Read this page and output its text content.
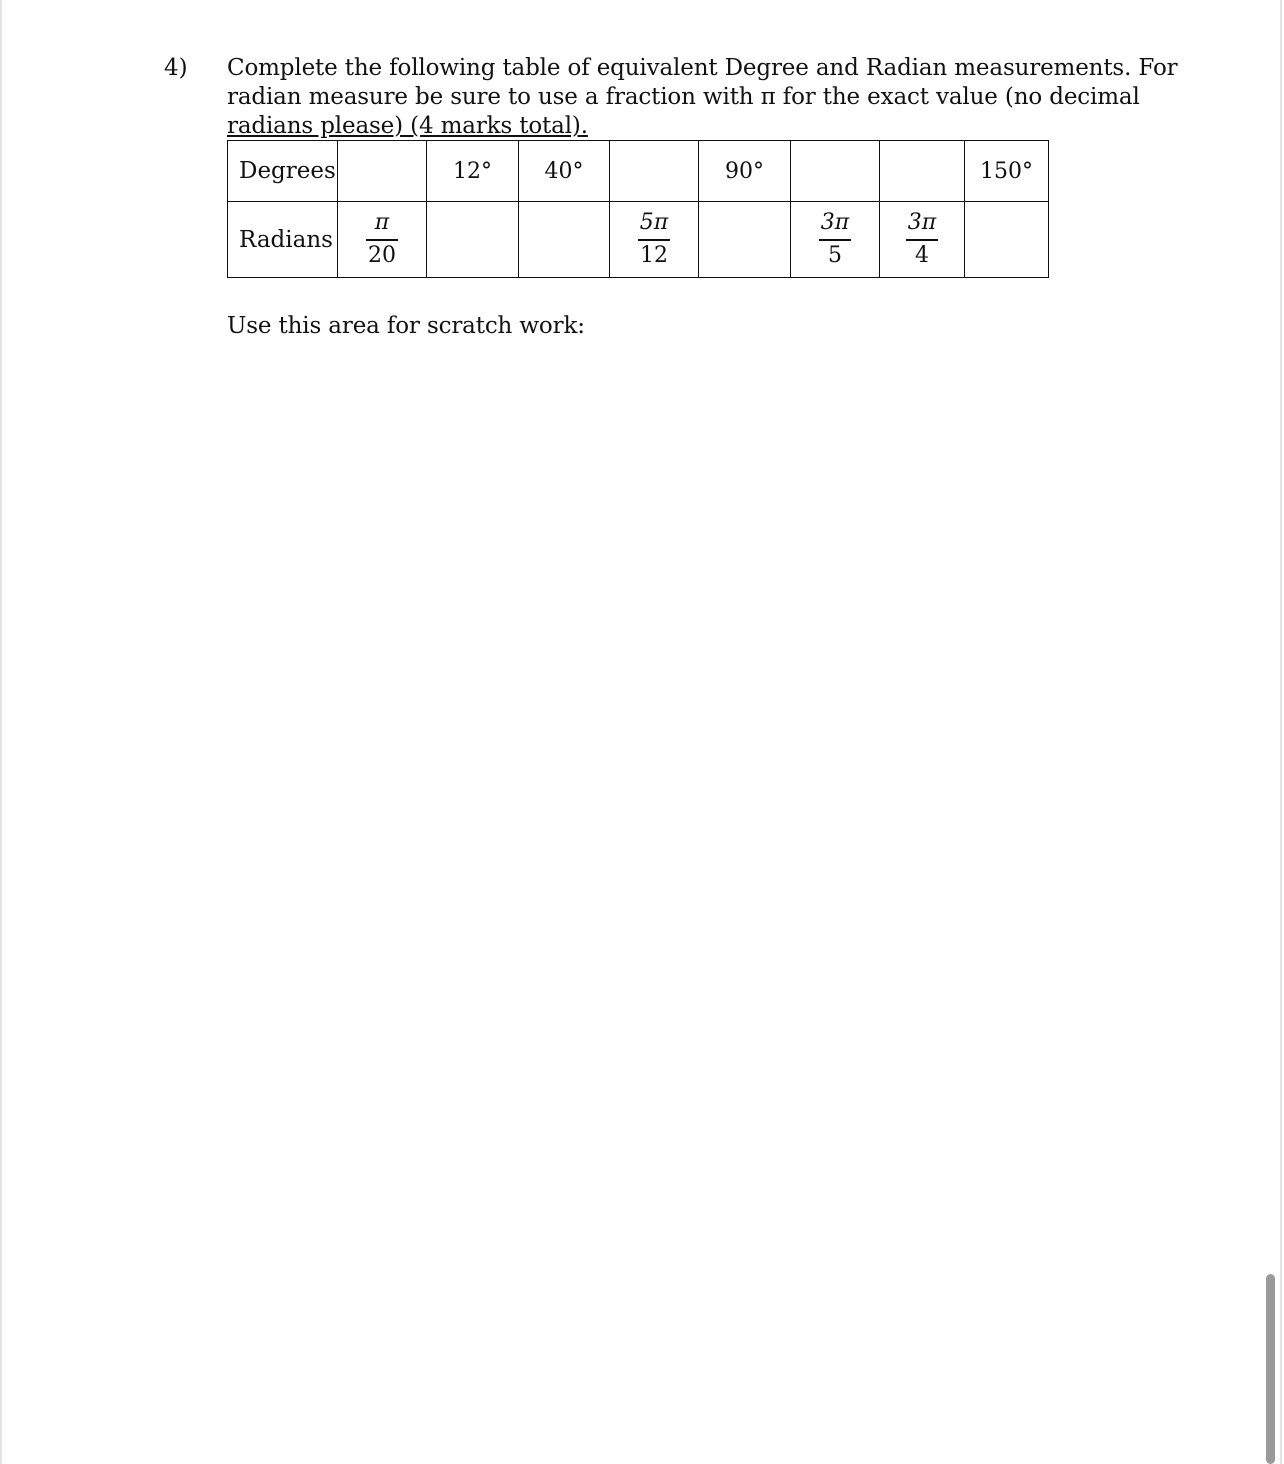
4) Complete the following table of equivalent Degree and Radian measurements. For
radian measure be sure to use a fraction with π for the exact value (no decimal
radians please) (4 marks total).
Degrees		12°	40°		90°			150°
Radians	$\frac{\pi}{20}$			$\frac{5\pi}{12}$		$\frac{3\pi}{5}$	$\frac{3\pi}{4}$

Use this area for scratch work:
